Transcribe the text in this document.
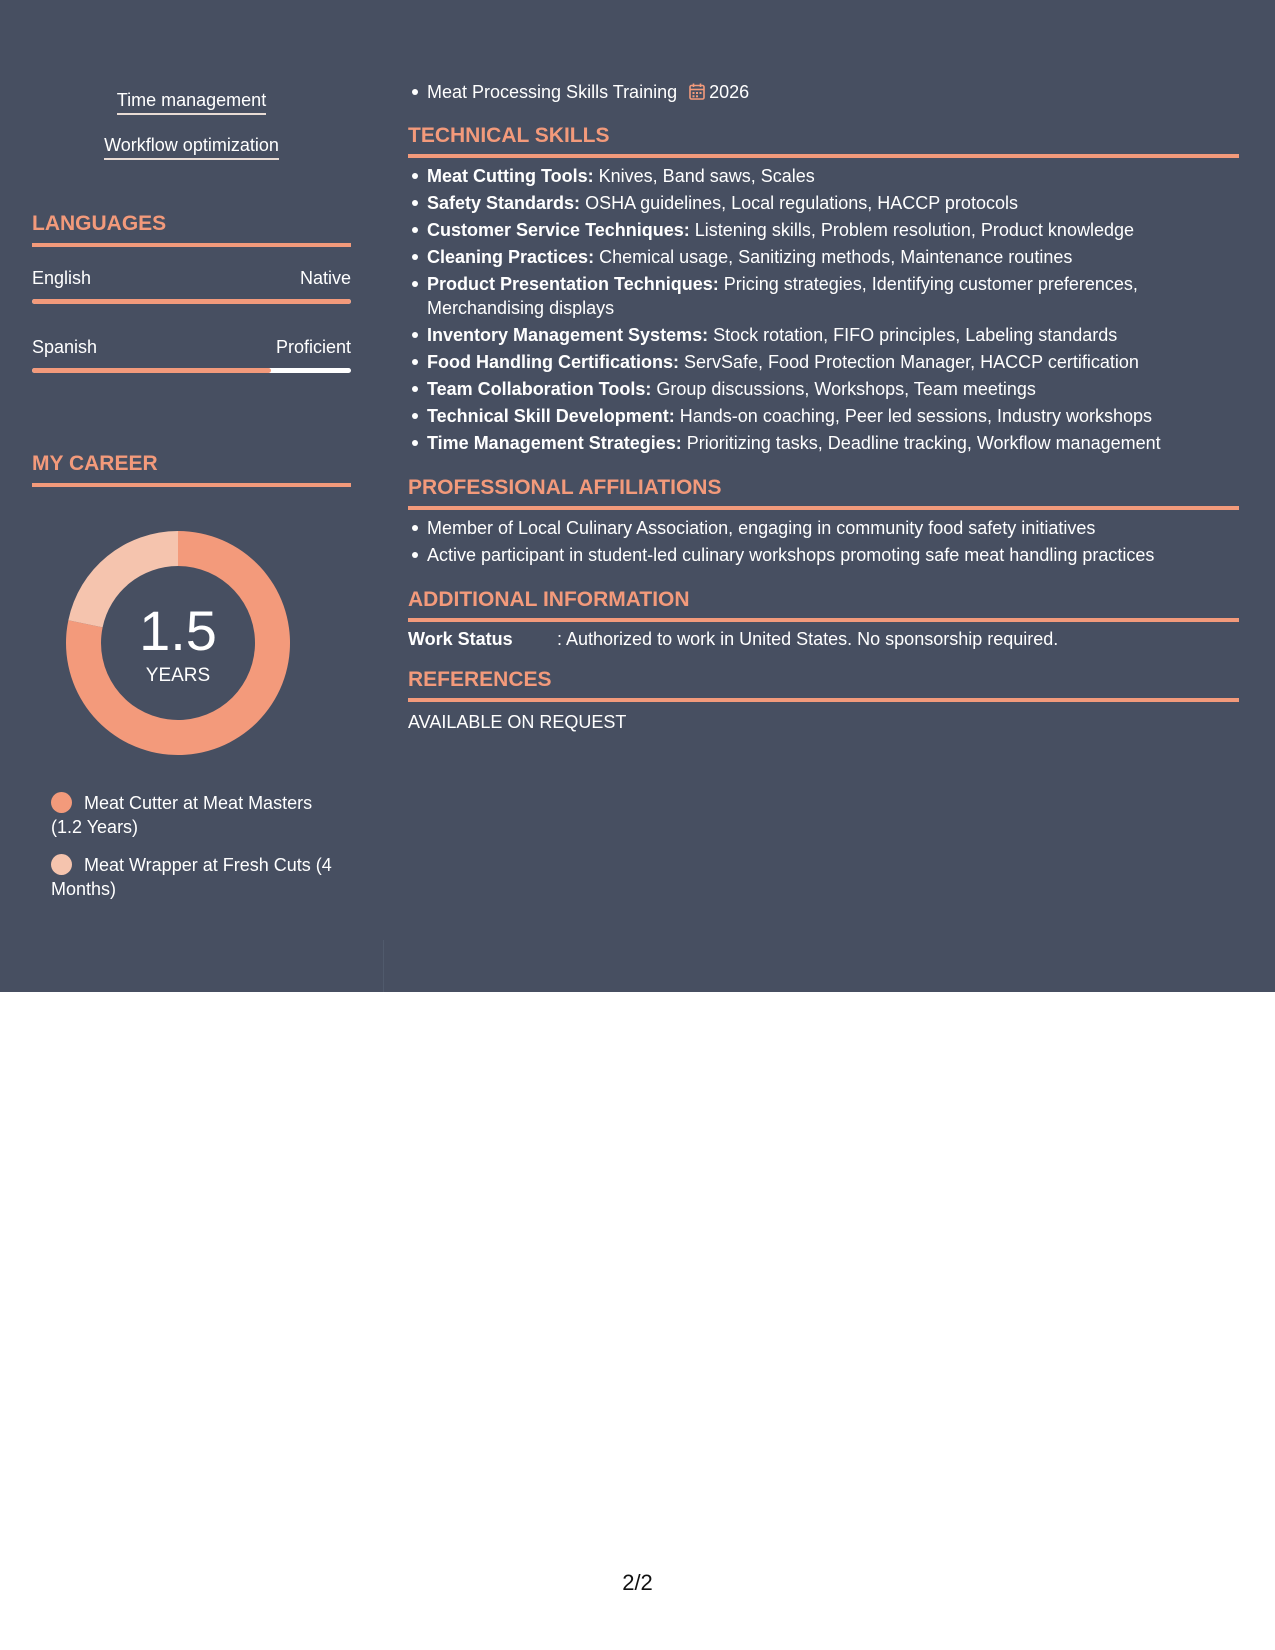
Time management
Workflow optimization
LANGUAGES
English	Native
Spanish	Proficient
MY CAREER
1.5
YEARS
Meat Cutter at Meat Masters (1.2 Years)
Meat Wrapper at Fresh Cuts (4 Months)
Meat Processing Skills Training 2026
TECHNICAL SKILLS
Meat Cutting Tools: Knives, Band saws, Scales
Safety Standards: OSHA guidelines, Local regulations, HACCP protocols
Customer Service Techniques: Listening skills, Problem resolution, Product knowledge
Cleaning Practices: Chemical usage, Sanitizing methods, Maintenance routines
Product Presentation Techniques: Pricing strategies, Identifying customer preferences, Merchandising displays
Inventory Management Systems: Stock rotation, FIFO principles, Labeling standards
Food Handling Certifications: ServSafe, Food Protection Manager, HACCP certification
Team Collaboration Tools: Group discussions, Workshops, Team meetings
Technical Skill Development: Hands-on coaching, Peer led sessions, Industry workshops
Time Management Strategies: Prioritizing tasks, Deadline tracking, Workflow management
PROFESSIONAL AFFILIATIONS
Member of Local Culinary Association, engaging in community food safety initiatives
Active participant in student-led culinary workshops promoting safe meat handling practices
ADDITIONAL INFORMATION
Work Status : Authorized to work in United States. No sponsorship required.
REFERENCES
AVAILABLE ON REQUEST
2/2
